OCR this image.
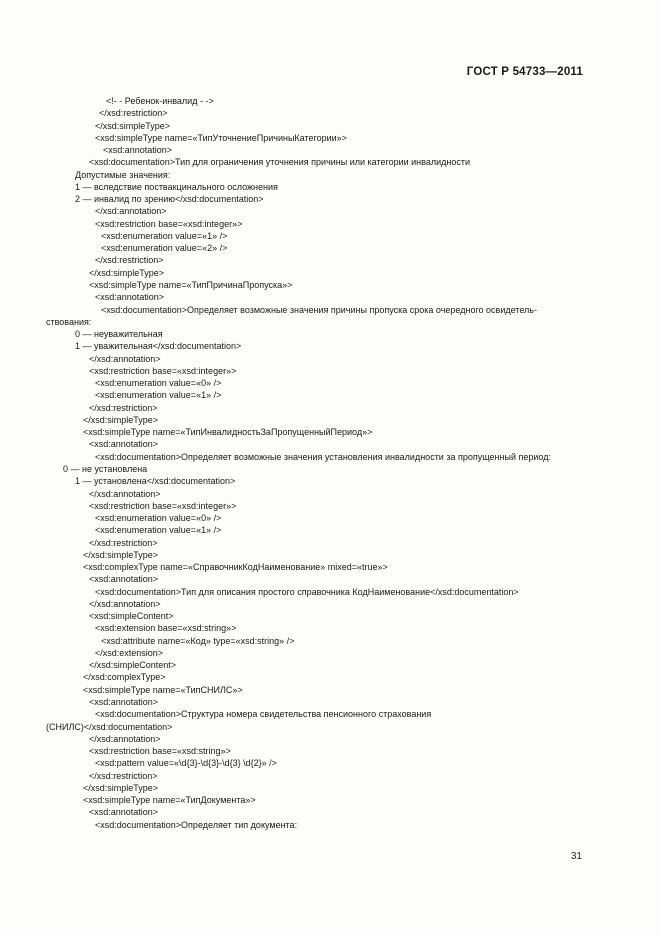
ГОСТ Р 54733—2011
<!- - Ребенок-инвалид - ->
</xsd:restriction>
</xsd:simpleType>
<xsd:simpleType name=«ТипУточнениеПричиныКатегории»>
<xsd:annotation>
<xsd:documentation>Тип для ограничения уточнения причины или категории инвалидности
Допустимые значения:
1 — вследствие поствакцинального осложнения
2 — инвалид по зрению</xsd:documentation>
</xsd:annotation>
<xsd:restriction base=«xsd:integer»>
<xsd:enumeration value=«1» />
<xsd:enumeration value=«2» />
</xsd:restriction>
</xsd:simpleType>
<xsd:simpleType name=«ТипПричинаПропуска»>
<xsd:annotation>
<xsd:documentation>Определяет возможные значения причины пропуска срока очередного освидетель-
ствования:
0 — неуважительная
1 — уважительная</xsd:documentation>
</xsd:annotation>
<xsd:restriction base=«xsd:integer»>
<xsd:enumeration value=«0» />
<xsd:enumeration value=«1» />
</xsd:restriction>
</xsd:simpleType>
<xsd:simpleType name=«ТипИнвалидностьЗаПропущенныйПериод»>
<xsd:annotation>
<xsd:documentation>Определяет возможные значения установления инвалидности за пропущенный период:
0 — не установлена
1 — установлена</xsd:documentation>
</xsd:annotation>
<xsd:restriction base=«xsd:integer»>
<xsd:enumeration value=«0» />
<xsd:enumeration value=«1» />
</xsd:restriction>
</xsd:simpleType>
<xsd:complexType name=«СправочникКодНаименование» mixed=«true»>
<xsd:annotation>
<xsd:documentation>Тип для описания простого справочника КодНаименование</xsd:documentation>
</xsd:annotation>
<xsd:simpleContent>
<xsd:extension base=«xsd:string»>
<xsd:attribute name=«Код» type=«xsd:string» />
</xsd:extension>
</xsd:simpleContent>
</xsd:complexType>
<xsd:simpleType name=«ТипСНИЛС»>
<xsd:annotation>
<xsd:documentation>Структура номера свидетельства пенсионного страхования
(СНИЛС)</xsd:documentation>
</xsd:annotation>
<xsd:restriction base=«xsd:string»>
<xsd:pattern value=«\d{3}-\d{3}-\d{3} \d{2}» />
</xsd:restriction>
</xsd:simpleType>
<xsd:simpleType name=«ТипДокумента»>
<xsd:annotation>
<xsd:documentation>Определяет тип документа:
31
